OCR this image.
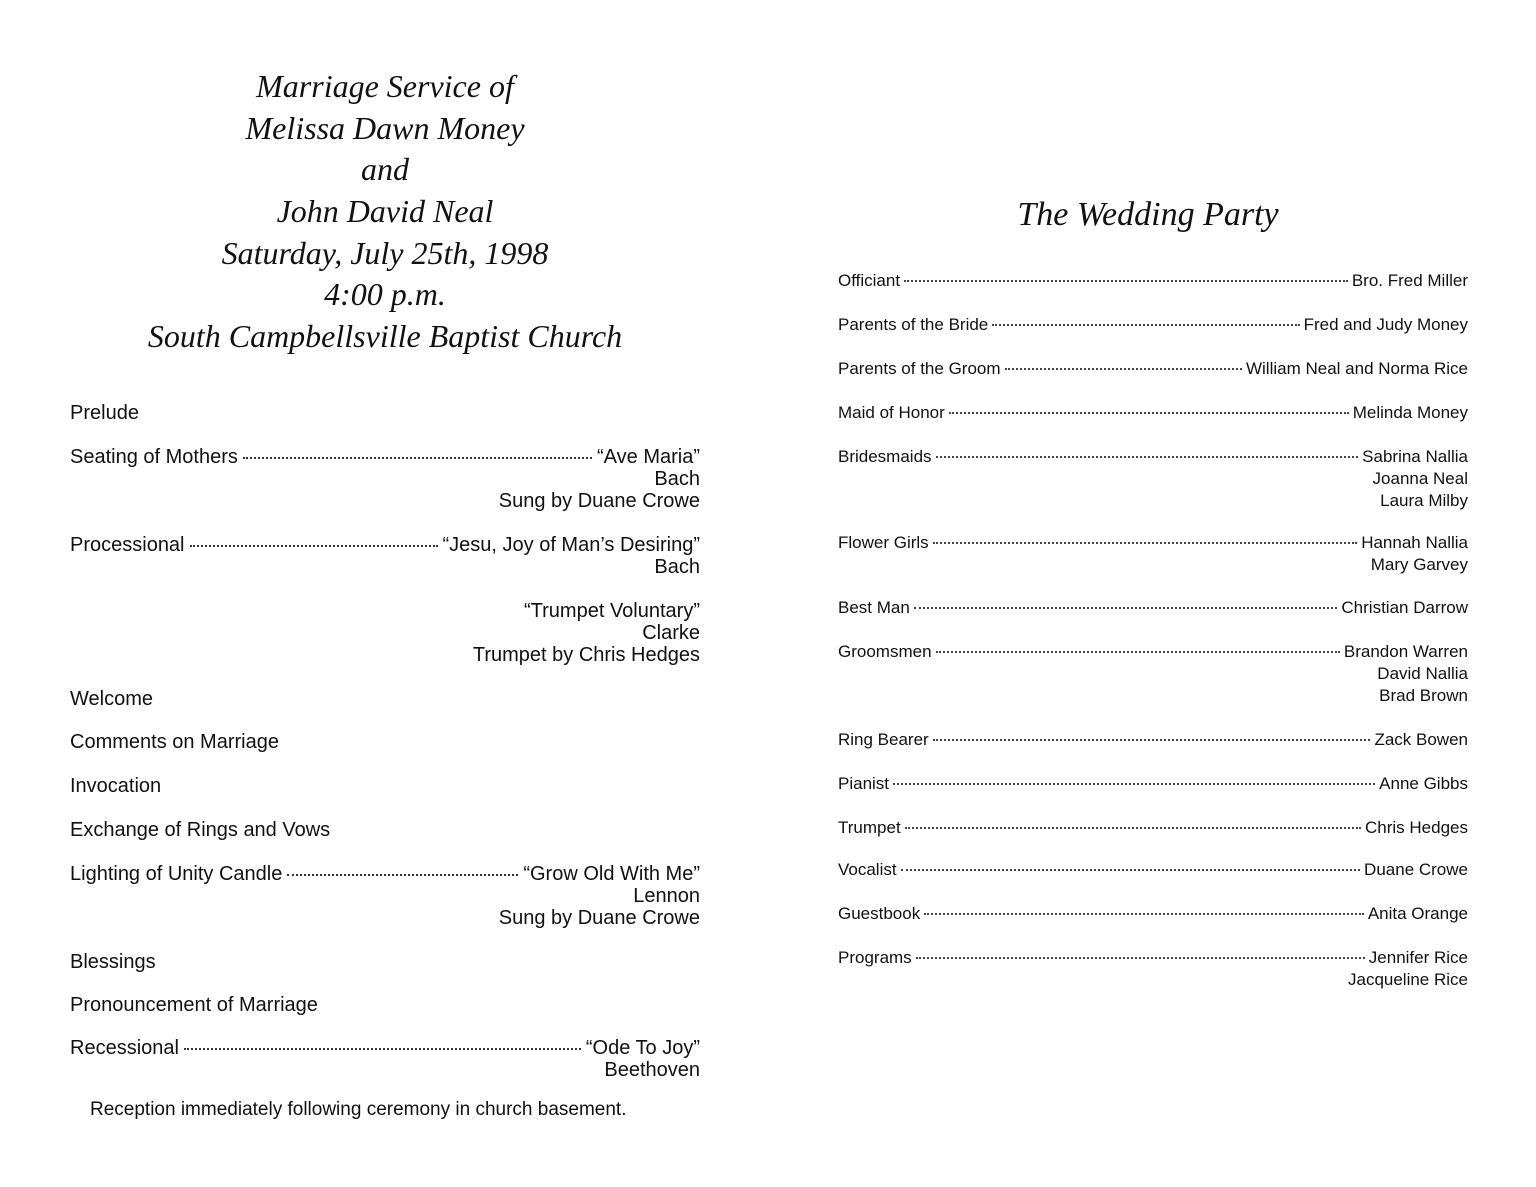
Marriage Service of
Melissa Dawn Money
and
John David Neal
Saturday, July 25th, 1998
4:00 p.m.
South Campbellsville Baptist Church
Prelude
Seating of Mothers	“Ave Maria”
Bach
Sung by Duane Crowe
Processional	“Jesu, Joy of Man’s Desiring”
Bach
“Trumpet Voluntary”
Clarke
Trumpet by Chris Hedges
Welcome
Comments on Marriage
Invocation
Exchange of Rings and Vows
Lighting of Unity Candle	“Grow Old With Me”
Lennon
Sung by Duane Crowe
Blessings
Pronouncement of Marriage
Recessional	“Ode To Joy”
Beethoven
Reception immediately following ceremony in church basement.
The Wedding Party
Officiant	Bro. Fred Miller
Parents of the Bride	Fred and Judy Money
Parents of the Groom	William Neal and Norma Rice
Maid of Honor	Melinda Money
Bridesmaids	Sabrina Nallia
Joanna Neal
Laura Milby
Flower Girls	Hannah Nallia
Mary Garvey
Best Man	Christian Darrow
Groomsmen	Brandon Warren
David Nallia
Brad Brown
Ring Bearer	Zack Bowen
Pianist	Anne Gibbs
Trumpet	Chris Hedges
Vocalist	Duane Crowe
Guestbook	Anita Orange
Programs	Jennifer Rice
Jacqueline Rice
